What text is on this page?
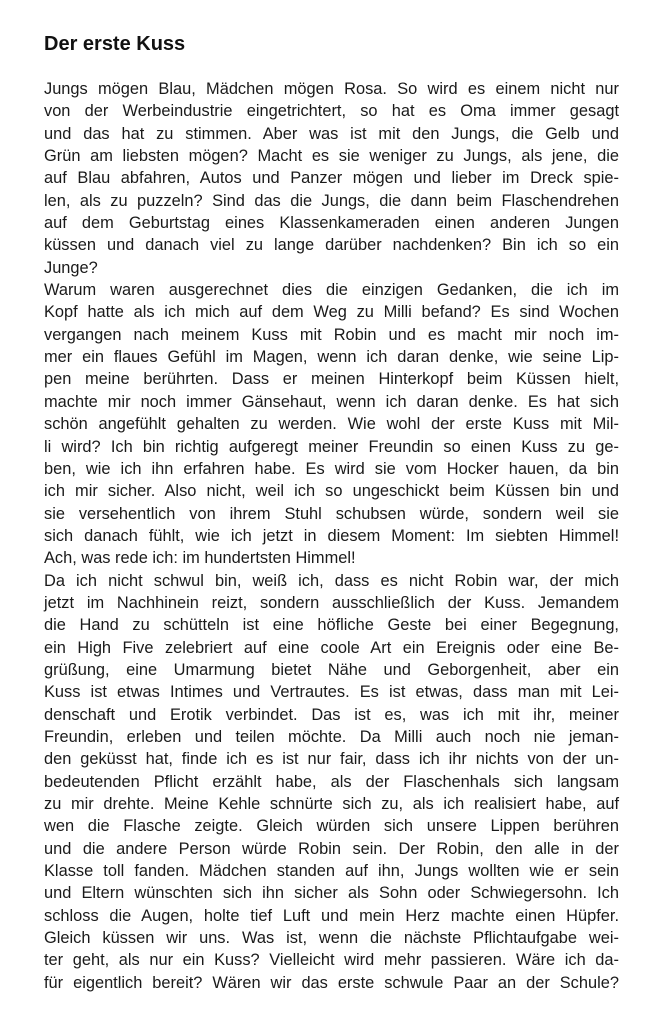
Der erste Kuss
Jungs mögen Blau, Mädchen mögen Rosa. So wird es einem nicht nur
von der Werbeindustrie eingetrichtert, so hat es Oma immer gesagt
und das hat zu stimmen. Aber was ist mit den Jungs, die Gelb und
Grün am liebsten mögen? Macht es sie weniger zu Jungs, als jene, die
auf Blau abfahren, Autos und Panzer mögen und lieber im Dreck spie-
len, als zu puzzeln? Sind das die Jungs, die dann beim Flaschendrehen
auf dem Geburtstag eines Klassenkameraden einen anderen Jungen
küssen und danach viel zu lange darüber nachdenken? Bin ich so ein
Junge?
Warum waren ausgerechnet dies die einzigen Gedanken, die ich im
Kopf hatte als ich mich auf dem Weg zu Milli befand? Es sind Wochen
vergangen nach meinem Kuss mit Robin und es macht mir noch im-
mer ein flaues Gefühl im Magen, wenn ich daran denke, wie seine Lip-
pen meine berührten. Dass er meinen Hinterkopf beim Küssen hielt,
machte mir noch immer Gänsehaut, wenn ich daran denke. Es hat sich
schön angefühlt gehalten zu werden. Wie wohl der erste Kuss mit Mil-
li wird? Ich bin richtig aufgeregt meiner Freundin so einen Kuss zu ge-
ben, wie ich ihn erfahren habe. Es wird sie vom Hocker hauen, da bin
ich mir sicher. Also nicht, weil ich so ungeschickt beim Küssen bin und
sie versehentlich von ihrem Stuhl schubsen würde, sondern weil sie
sich danach fühlt, wie ich jetzt in diesem Moment: Im siebten Himmel!
Ach, was rede ich: im hundertsten Himmel!
Da ich nicht schwul bin, weiß ich, dass es nicht Robin war, der mich
jetzt im Nachhinein reizt, sondern ausschließlich der Kuss. Jemandem
die Hand zu schütteln ist eine höfliche Geste bei einer Begegnung,
ein High Five zelebriert auf eine coole Art ein Ereignis oder eine Be-
grüßung, eine Umarmung bietet Nähe und Geborgenheit, aber ein
Kuss ist etwas Intimes und Vertrautes. Es ist etwas, dass man mit Lei-
denschaft und Erotik verbindet. Das ist es, was ich mit ihr, meiner
Freundin, erleben und teilen möchte. Da Milli auch noch nie jeman-
den geküsst hat, finde ich es ist nur fair, dass ich ihr nichts von der un-
bedeutenden Pflicht erzählt habe, als der Flaschenhals sich langsam
zu mir drehte. Meine Kehle schnürte sich zu, als ich realisiert habe, auf
wen die Flasche zeigte. Gleich würden sich unsere Lippen berühren
und die andere Person würde Robin sein. Der Robin, den alle in der
Klasse toll fanden. Mädchen standen auf ihn, Jungs wollten wie er sein
und Eltern wünschten sich ihn sicher als Sohn oder Schwiegersohn. Ich
schloss die Augen, holte tief Luft und mein Herz machte einen Hüpfer.
Gleich küssen wir uns. Was ist, wenn die nächste Pflichtaufgabe wei-
ter geht, als nur ein Kuss? Vielleicht wird mehr passieren. Wäre ich da-
für eigentlich bereit? Wären wir das erste schwule Paar an der Schule?
